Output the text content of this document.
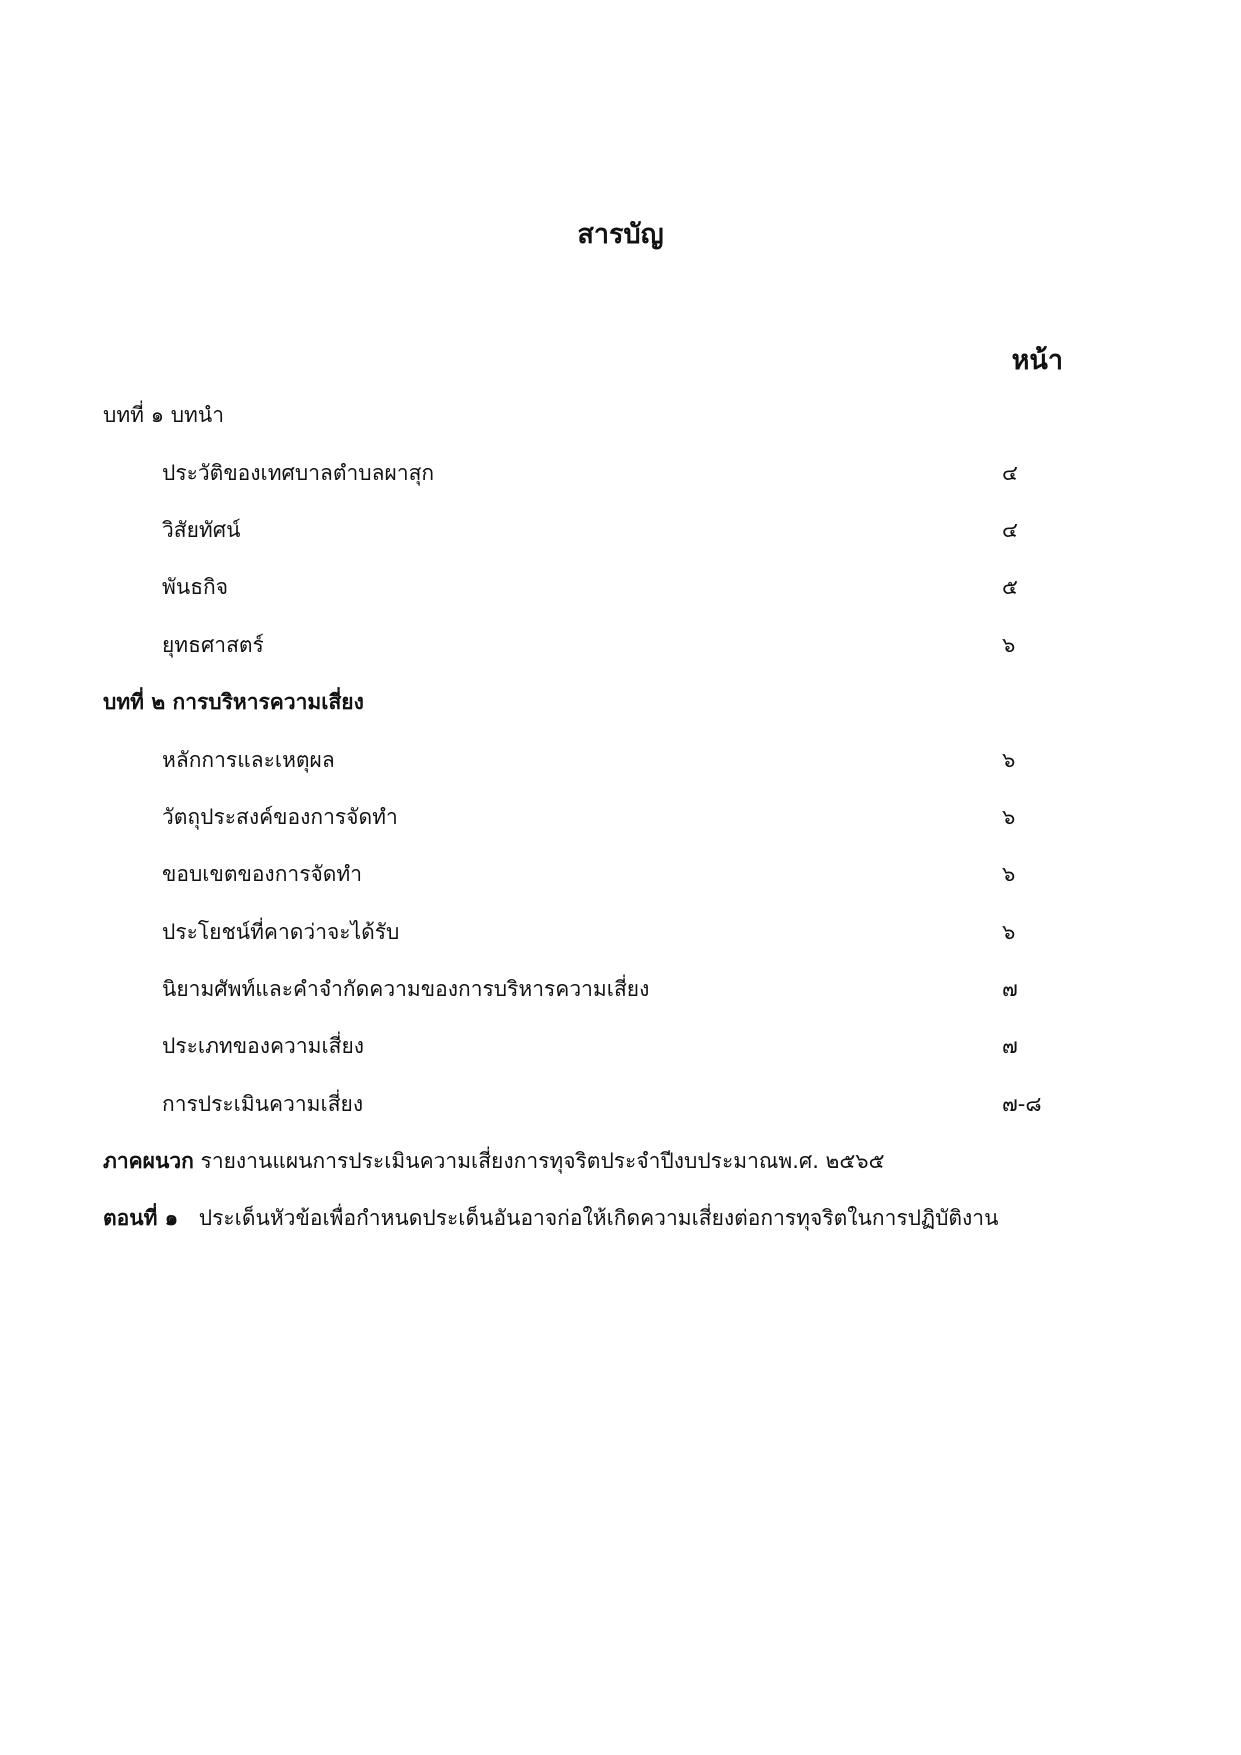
สารบัญ
หน้า
บทที่ ๑ บทนำ
ประวัติของเทศบาลตำบลผาสุก	๔
วิสัยทัศน์	๔
พันธกิจ	๕
ยุทธศาสตร์	๖
บทที่ ๒ การบริหารความเสี่ยง
หลักการและเหตุผล	๖
วัตถุประสงค์ของการจัดทำ	๖
ขอบเขตของการจัดทำ	๖
ประโยชน์ที่คาดว่าจะได้รับ	๖
นิยามศัพท์และคำจำกัดความของการบริหารความเสี่ยง	๗
ประเภทของความเสี่ยง	๗
การประเมินความเสี่ยง	๗-๘
ภาคผนวก รายงานแผนการประเมินความเสี่ยงการทุจริตประจำปีงบประมาณพ.ศ. ๒๕๖๕
ตอนที่ ๑ ประเด็นหัวข้อเพื่อกำหนดประเด็นอันอาจก่อให้เกิดความเสี่ยงต่อการทุจริตในการปฏิบัติงาน
